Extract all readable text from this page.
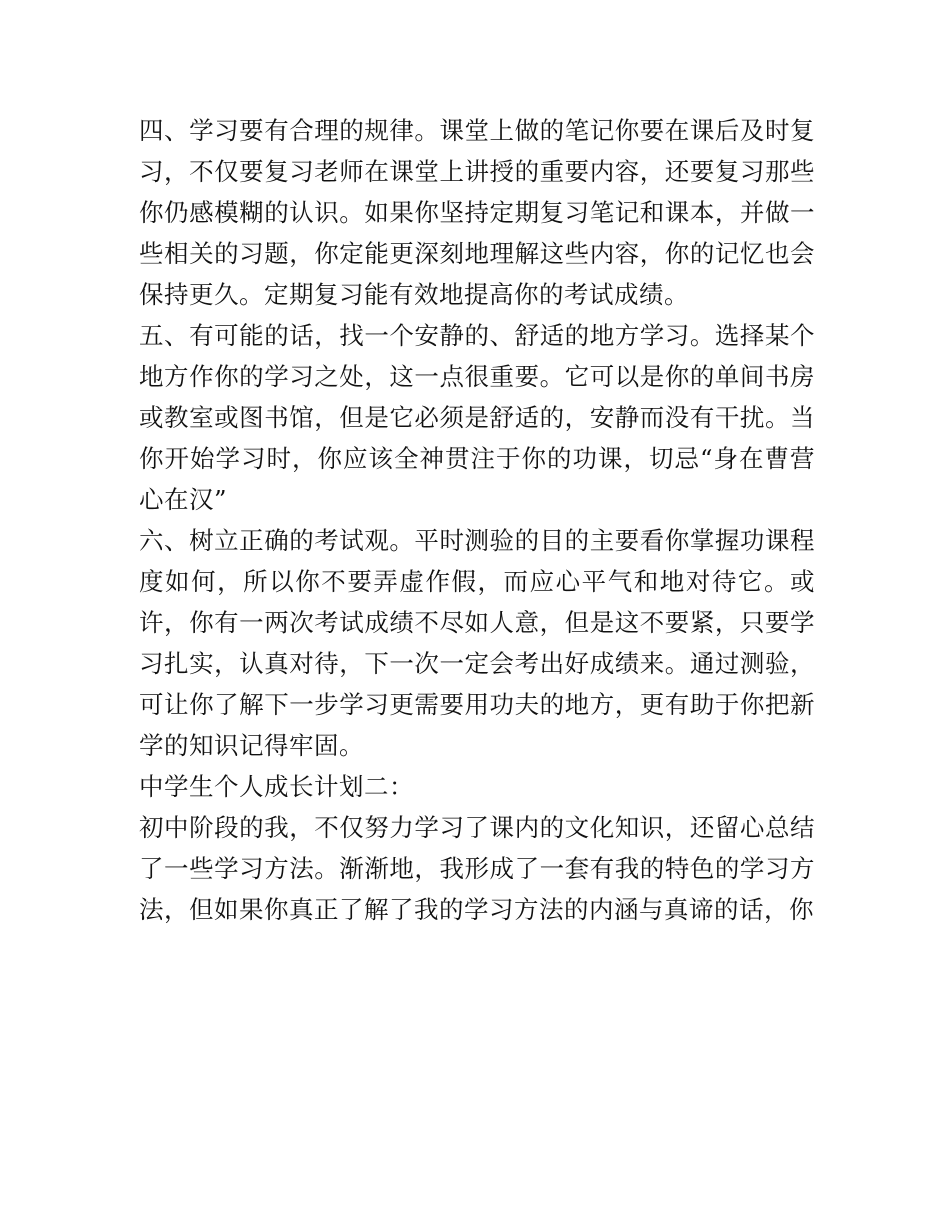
四、学习要有合理的规律。课堂上做的笔记你要在课后及时复习，不仅要复习老师在课堂上讲授的重要内容，还要复习那些你仍感模糊的认识。如果你坚持定期复习笔记和课本，并做一些相关的习题，你定能更深刻地理解这些内容，你的记忆也会保持更久。定期复习能有效地提高你的考试成绩。

五、有可能的话，找一个安静的、舒适的地方学习。选择某个地方作你的学习之处，这一点很重要。它可以是你的单间书房或教室或图书馆，但是它必须是舒适的，安静而没有干扰。当你开始学习时，你应该全神贯注于你的功课，切忌“身在曹营心在汉”

六、树立正确的考试观。平时测验的目的主要看你掌握功课程度如何，所以你不要弄虚作假，而应心平气和地对待它。或许，你有一两次考试成绩不尽如人意，但是这不要紧，只要学习扎实，认真对待，下一次一定会考出好成绩来。通过测验，可让你了解下一步学习更需要用功夫的地方，更有助于你把新学的知识记得牢固。

中学生个人成长计划二：

初中阶段的我，不仅努力学习了课内的文化知识，还留心总结了一些学习方法。渐渐地，我形成了一套有我的特色的学习方法，但如果你真正了解了我的学习方法的内涵与真谛的话，你
